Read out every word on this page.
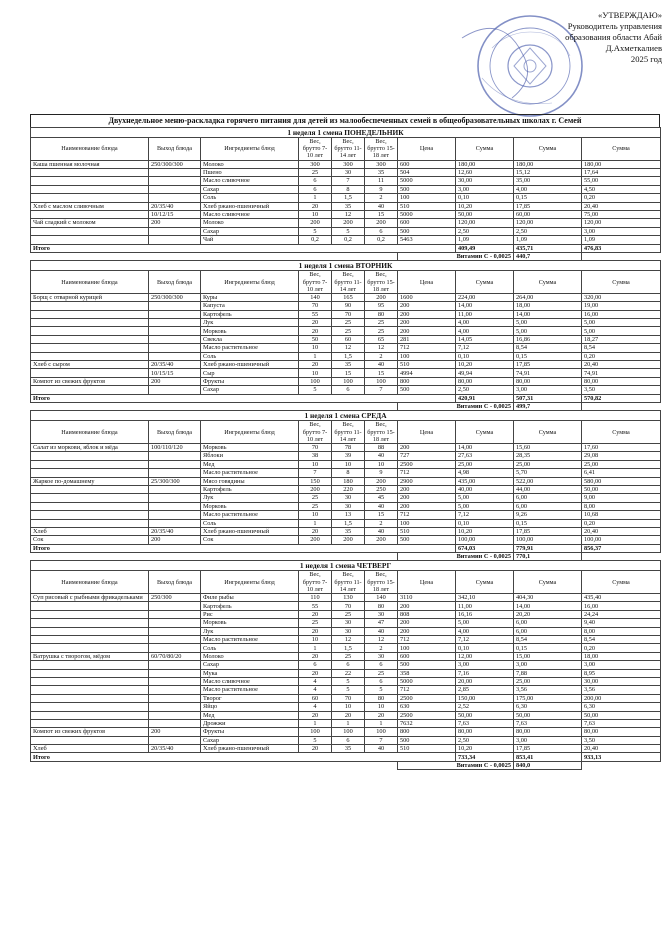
«УТВЕРЖДАЮ»
Руководитель управления
образования области Абай
Д.Ахметкалиев
2025 год
Двухнедельное меню-раскладка горячего питания для детей из малообеспеченных семей в общеобразовательных школах г. Семей
1 неделя 1 смена ПОНЕДЕЛЬНИК									
Наименование блюда	Выход блюда	Ингредиенты блюд	Вес, брутто 7-10 лет	Вес, брутто 11-14 лет	Вес, брутто 15-18 лет	Цена	Сумма	Сумма	Сумма
Каша пшенная молочная	250/300/300	Молоко	300	300	300	600	180,00	180,00	180,00
		Пшено	25	30	35	504	12,60	15,12	17,64
		Масло сливочное	6	7	11	5000	30,00	35,00	55,00
		Сахар	6	8	9	500	3,00	4,00	4,50
		Соль	1	1,5	2	100	0,10	0,15	0,20
Хлеб с маслом сливочным	20/35/40	Хлеб ржано-пшеничный	20	35	40	510	10,20	17,85	20,40
	10/12/15	Масло сливочное	10	12	15	5000	50,00	60,00	75,00
Чай сладкий с молоком	200	Молоко	200	200	200	600	120,00	120,00	120,00
		Сахар	5	5	6	500	2,50	2,50	3,00
		Чай	0,2	0,2	0,2	5463	1,09	1,09	1,09
Итого							409,49	435,71	476,83
						Витамин С - 0,0025		440,7	
1 неделя 1 смена ВТОРНИК									
Наименование блюда	Выход блюда	Ингредиенты блюд	Вес, брутто 7-10 лет	Вес, брутто 11-14 лет	Вес, брутто 15-18 лет	Цена	Сумма	Сумма	Сумма
Борщ с отварной курицей	250/300/300	Куры	140	165	200	1600	224,00	264,00	320,00
		Капуста	70	90	95	200	14,00	18,00	19,00
		Картофель	55	70	80	200	11,00	14,00	16,00
		Лук	20	25	25	200	4,00	5,00	5,00
		Морковь	20	25	25	200	4,00	5,00	5,00
		Свекла	50	60	65	281	14,05	16,86	18,27
		Масло растительное	10	12	12	712	7,12	8,54	8,54
		Соль	1	1,5	2	100	0,10	0,15	0,20
Хлеб с сыром	20/35/40	Хлеб ржано-пшеничный	20	35	40	510	10,20	17,85	20,40
	10/15/15	Сыр	10	15	15	4994	49,94	74,91	74,91
Компот из свежих фруктов	200	Фрукты	100	100	100	800	80,00	80,00	80,00
		Сахар	5	6	7	500	2,50	3,00	3,50
Итого							420,91	507,31	570,82
						Витамин С - 0,0025		499,7	
1 неделя 1 смена СРЕДА									
Наименование блюда	Выход блюда	Ингредиенты блюд	Вес, брутто 7-10 лет	Вес, брутто 11-14 лет	Вес, брутто 15-18 лет	Цена	Сумма	Сумма	Сумма
Салат из моркови, яблок и мёда	100/110/120	Морковь	70	78	88	200	14,00	15,60	17,60
		Яблоки	38	39	40	727	27,63	28,35	29,08
		Мед	10	10	10	2500	25,00	25,00	25,00
		Масло растительное	7	8	9	712	4,98	5,70	6,41
Жаркое по-домашнему	25/300/300	Мясо говядины	150	180	200	2900	435,00	522,00	580,00
		Картофель	200	220	250	200	40,00	44,00	50,00
		Лук	25	30	45	200	5,00	6,00	9,00
		Морковь	25	30	40	200	5,00	6,00	8,00
		Масло растительное	10	13	15	712	7,12	9,26	10,68
		Соль	1	1,5	2	100	0,10	0,15	0,20
Хлеб	20/35/40	Хлеб ржано-пшеничный	20	35	40	510	10,20	17,85	20,40
Сок	200	Сок	200	200	200	500	100,00	100,00	100,00
Итого							674,03	779,91	856,37
						Витамин С - 0,0025		770,1	
1 неделя 1 смена ЧЕТВЕРГ									
Наименование блюда	Выход блюда	Ингредиенты блюд	Вес, брутто 7-10 лет	Вес, брутто 11-14 лет	Вес, брутто 15-18 лет	Цена	Сумма	Сумма	Сумма
Суп рисовый с рыбными фрикадельками	250/300	Филе рыбы	110	130	140	3110	342,10	404,30	435,40
		Картофель	55	70	80	200	11,00	14,00	16,00
		Рис	20	25	30	808	16,16	20,20	24,24
		Морковь	25	30	47	200	5,00	6,00	9,40
		Лук	20	30	40	200	4,00	6,00	8,00
		Масло растительное	10	12	12	712	7,12	8,54	8,54
		Соль	1	1,5	2	100	0,10	0,15	0,20
Ватрушка с творогом, мёдом	60/70/80/20	Молоко	20	25	30	600	12,00	15,00	18,00
		Сахар	6	6	6	500	3,00	3,00	3,00
		Мука	20	22	25	358	7,16	7,88	8,95
		Масло сливочное	4	5	6	5000	20,00	25,00	30,00
		Масло растительное	4	5	5	712	2,85	3,56	3,56
		Творог	60	70	80	2500	150,00	175,00	200,00
		Яйцо	4	10	10	630	2,52	6,30	6,30
		Мед	20	20	20	2500	50,00	50,00	50,00
		Дрожжи	1	1	1	7632	7,63	7,63	7,63
Компот из свежих фруктов	200	Фрукты	100	100	100	800	80,00	80,00	80,00
		Сахар	5	6	7	500	2,50	3,00	3,50
Хлеб	20/35/40	Хлеб ржано-пшеничный	20	35	40	510	10,20	17,85	20,40
Итого							733,34	853,41	933,13
						Витамин С - 0,0025		840,0	
